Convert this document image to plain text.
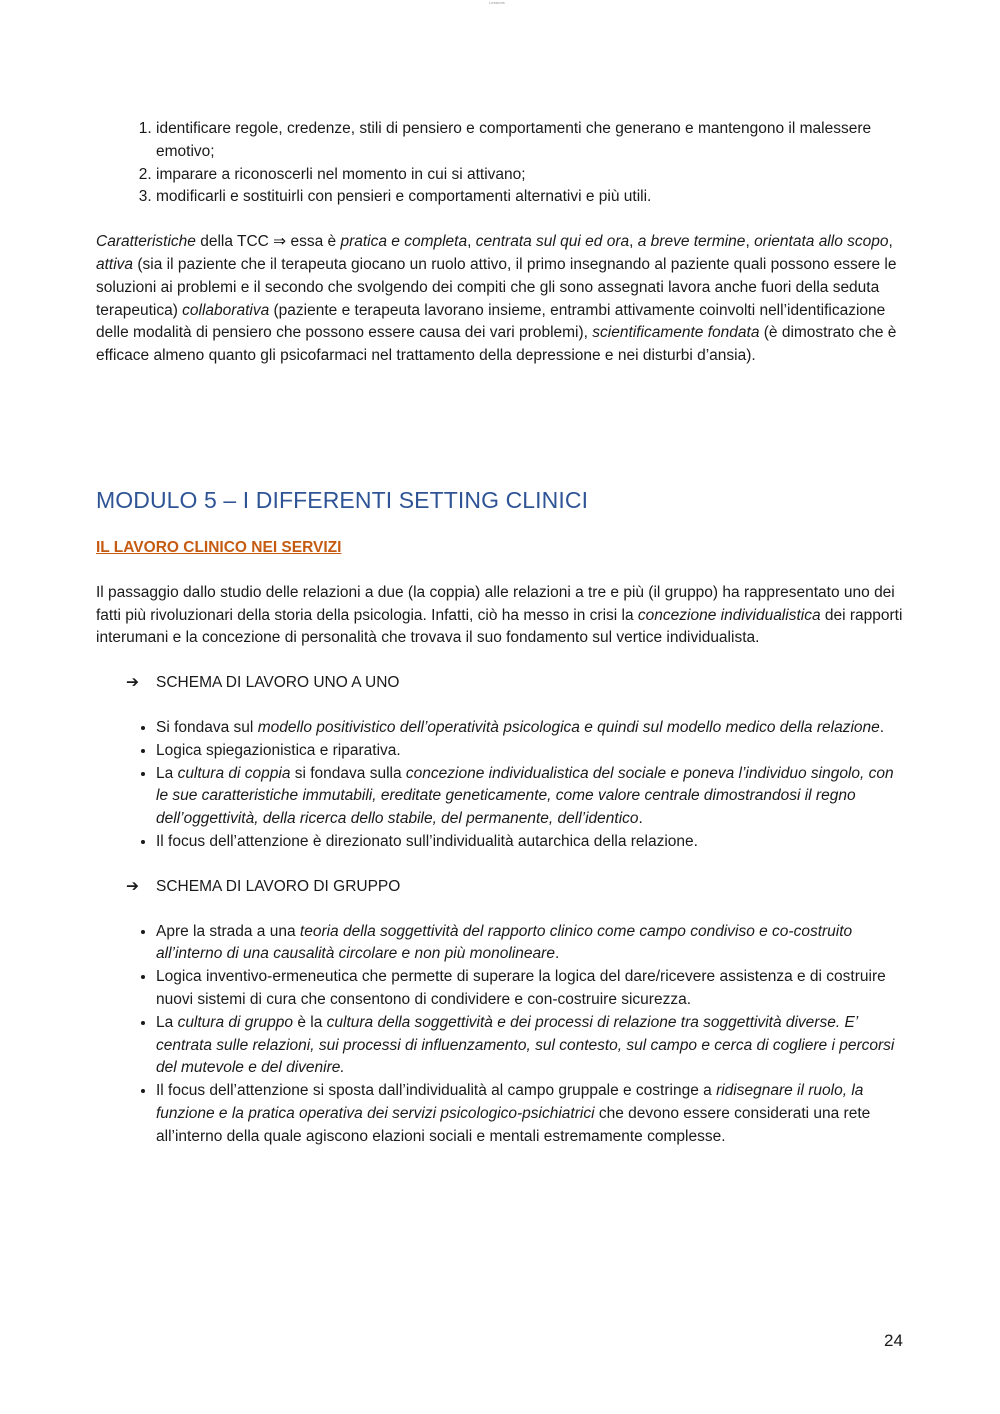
Lessions
1. identificare regole, credenze, stili di pensiero e comportamenti che generano e mantengono il malessere emotivo;
2. imparare a riconoscerli nel momento in cui si attivano;
3. modificarli e sostituirli con pensieri e comportamenti alternativi e più utili.

Caratteristiche della TCC ⇒ essa è pratica e completa, centrata sul qui ed ora, a breve termine, orientata allo scopo, attiva (sia il paziente che il terapeuta giocano un ruolo attivo, il primo insegnando al paziente quali possono essere le soluzioni ai problemi e il secondo che svolgendo dei compiti che gli sono assegnati lavora anche fuori della seduta terapeutica) collaborativa (paziente e terapeuta lavorano insieme, entrambi attivamente coinvolti nell’identificazione delle modalità di pensiero che possono essere causa dei vari problemi), scientificamente fondata (è dimostrato che è efficace almeno quanto gli psicofarmaci nel trattamento della depressione e nei disturbi d’ansia).

MODULO 5 – I DIFFERENTI SETTING CLINICI
IL LAVORO CLINICO NEI SERVIZI

Il passaggio dallo studio delle relazioni a due (la coppia) alle relazioni a tre e più (il gruppo) ha rappresentato uno dei fatti più rivoluzionari della storia della psicologia. Infatti, ciò ha messo in crisi la concezione individualistica dei rapporti interumani e la concezione di personalità che trovava il suo fondamento sul vertice individualista.

➔ SCHEMA DI LAVORO UNO A UNO
• Si fondava sul modello positivistico dell’operatività psicologica e quindi sul modello medico della relazione.
• Logica spiegazionistica e riparativa.
• La cultura di coppia si fondava sulla concezione individualistica del sociale e poneva l’individuo singolo, con le sue caratteristiche immutabili, ereditate geneticamente, come valore centrale dimostrandosi il regno dell’oggettività, della ricerca dello stabile, del permanente, dell’identico.
• Il focus dell’attenzione è direzionato sull’individualità autarchica della relazione.
➔ SCHEMA DI LAVORO DI GRUPPO
• Apre la strada a una teoria della soggettività del rapporto clinico come campo condiviso e co-costruito all’interno di una causalità circolare e non più monolineare.
• Logica inventivo-ermeneutica che permette di superare la logica del dare/ricevere assistenza e di costruire nuovi sistemi di cura che consentono di condividere e con-costruire sicurezza.
• La cultura di gruppo è la cultura della soggettività e dei processi di relazione tra soggettività diverse. E’ centrata sulle relazioni, sui processi di influenzamento, sul contesto, sul campo e cerca di cogliere i percorsi del mutevole e del divenire.
• Il focus dell’attenzione si sposta dall’individualità al campo gruppale e costringe a ridisegnare il ruolo, la funzione e la pratica operativa dei servizi psicologico-psichiatrici che devono essere considerati una rete all’interno della quale agiscono elazioni sociali e mentali estremamente complesse.
24
